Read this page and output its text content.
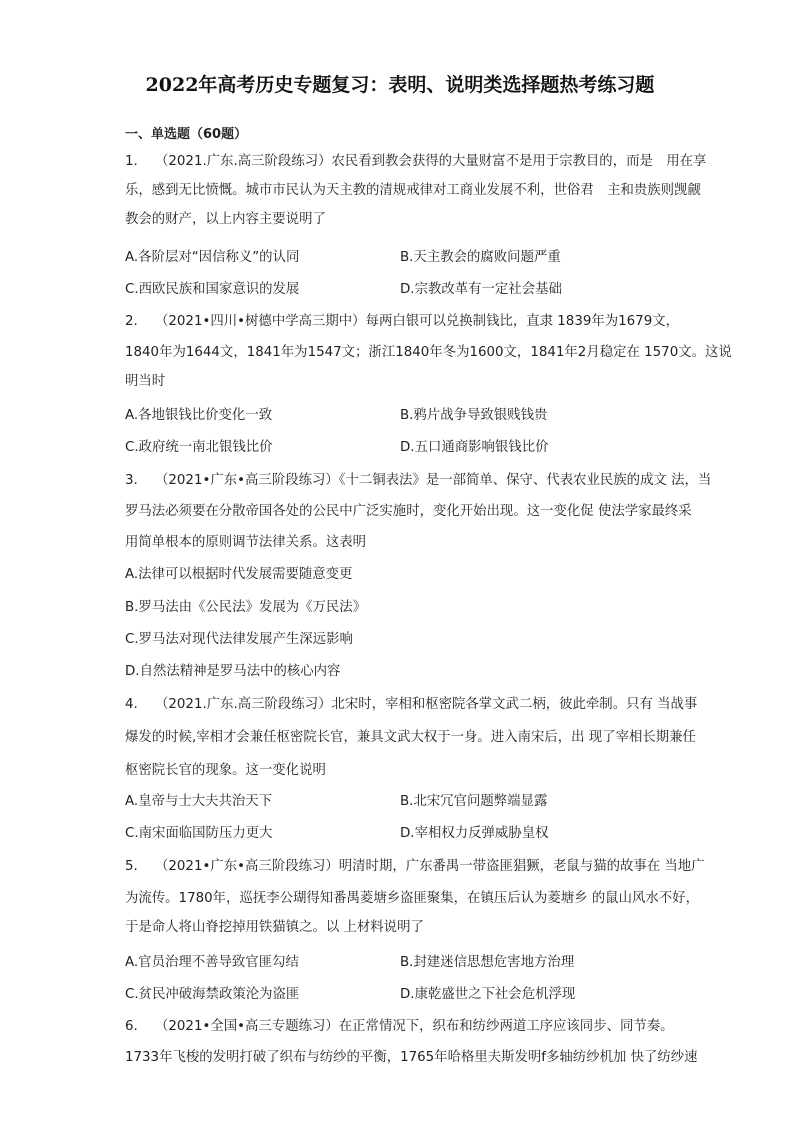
2022年高考历史专题复习：表明、说明类选择题热考练习题
一、单选题（60题）
1. （2021.广东.高三阶段练习）农民看到教会获得的大量财富不是用于宗教目的，而是　用在享
乐，感到无比愤慨。城市市民认为天主教的清规戒律对工商业发展不利，世俗君　主和贵族则觊觎
教会的财产，以上内容主要说明了
A.各阶层对“因信称义”的认同	B.天主教会的腐败问题严重
C.西欧民族和国家意识的发展	D.宗教改革有一定社会基础
2. （2021•四川•树德中学高三期中）每两白银可以兑换制钱比，直隶 1839年为1679文，
1840年为1644文，1841年为1547文；浙江1840年冬为1600文，1841年2月稳定在 1570文。这说
明当时
A.各地银钱比价变化一致	B.鸦片战争导致银贱钱贵
C.政府统一南北银钱比价	D.五口通商影响银钱比价
3. （2021•广东•高三阶段练习）《十二铜表法》是一部简单、保守、代表农业民族的成文 法，当
罗马法必须要在分散帝国各处的公民中广泛实施时，变化开始出现。这一变化促 使法学家最终采
用简单根本的原则调节法律关系。这表明
A.法律可以根据时代发展需要随意变更
B.罗马法由《公民法》发展为《万民法》
C.罗马法对现代法律发展产生深远影响
D.自然法精神是罗马法中的核心内容
4. （2021.广东.高三阶段练习）北宋时，宰相和枢密院各掌文武二柄，彼此牵制。只有 当战事
爆发的时候,宰相才会兼任枢密院长官，兼具文武大权于一身。进入南宋后，出 现了宰相长期兼任
枢密院长官的现象。这一变化说明
A.皇帝与士大夫共治天下	B.北宋冗官问题弊端显露
C.南宋面临国防压力更大	D.宰相权力反弹威胁皇权
5. （2021•广东•高三阶段练习）明清时期，广东番禺一带盗匪猖獗，老鼠与猫的故事在 当地广
为流传。1780年，巡抚李公瑚得知番禺菱塘乡盗匪聚集，在镇压后认为菱塘乡 的鼠山风水不好，
于是命人将山脊挖掉用铁猫镇之。以 上材料说明了
A.官员治理不善导致官匪勾结	B.封建迷信思想危害地方治理
C.贫民冲破海禁政策沦为盗匪	D.康乾盛世之下社会危机浮现
6. （2021•全国•高三专题练习）在正常情况下，织布和纺纱两道工序应该同步、同节奏。
1733年飞梭的发明打破了织布与纺纱的平衡，1765年哈格里夫斯发明f多轴纺纱机加 快了纺纱速
